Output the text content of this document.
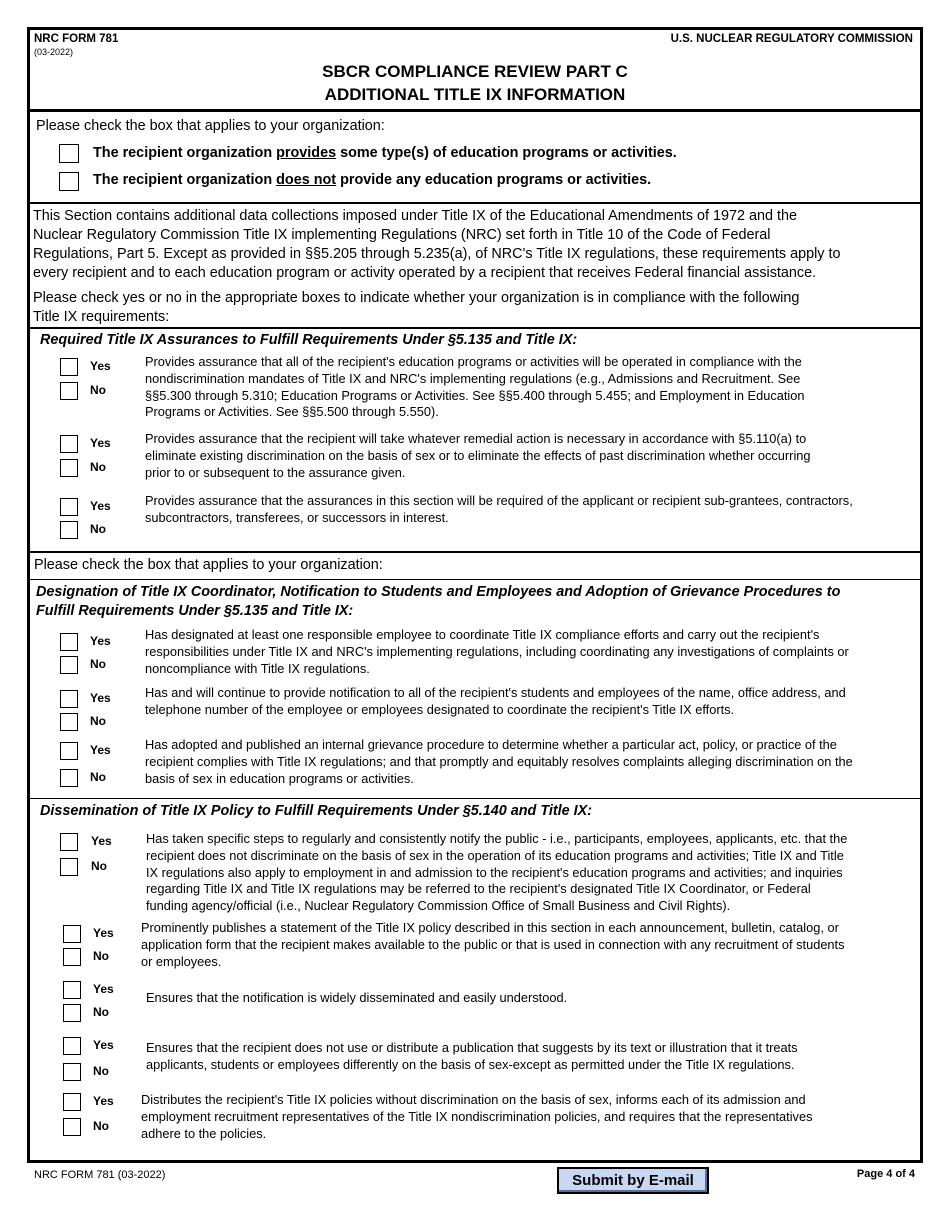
NRC FORM 781
(03-2022)
U.S. NUCLEAR REGULATORY COMMISSION
SBCR COMPLIANCE REVIEW PART C
ADDITIONAL TITLE IX INFORMATION
Please check the box that applies to your organization:
The recipient organization provides some type(s) of education programs or activities.
The recipient organization does not provide any education programs or activities.
This Section contains additional data collections imposed under Title IX of the Educational Amendments of 1972 and the
Nuclear Regulatory Commission Title IX implementing Regulations (NRC) set forth in Title 10 of the Code of Federal
Regulations, Part 5. Except as provided in §§5.205 through 5.235(a), of NRC's Title IX regulations, these requirements apply to
every recipient and to each education program or activity operated by a recipient that receives Federal financial assistance.
Please check yes or no in the appropriate boxes to indicate whether your organization is in compliance with the following
Title IX requirements:
Required Title IX Assurances to Fulfill Requirements Under §5.135 and Title IX:
Yes
No
Provides assurance that all of the recipient's education programs or activities will be operated in compliance with the
nondiscrimination mandates of Title IX and NRC's implementing regulations (e.g., Admissions and Recruitment. See
§§5.300 through 5.310; Education Programs or Activities. See §§5.400 through 5.455; and Employment in Education
Programs or Activities. See §§5.500 through 5.550).
Yes
No
Provides assurance that the recipient will take whatever remedial action is necessary in accordance with §5.110(a) to
eliminate existing discrimination on the basis of sex or to eliminate the effects of past discrimination whether occurring
prior to or subsequent to the assurance given.
Yes
No
Provides assurance that the assurances in this section will be required of the applicant or recipient sub-grantees, contractors,
subcontractors, transferees, or successors in interest.
Please check the box that applies to your organization:
Designation of Title IX Coordinator, Notification to Students and Employees and Adoption of Grievance Procedures to
Fulfill Requirements Under §5.135 and Title IX:
Yes
No
Has designated at least one responsible employee to coordinate Title IX compliance efforts and carry out the recipient's
responsibilities under Title IX and NRC's implementing regulations, including coordinating any investigations of complaints or
noncompliance with Title IX regulations.
Yes
No
Has and will continue to provide notification to all of the recipient's students and employees of the name, office address, and
telephone number of the employee or employees designated to coordinate the recipient's Title IX efforts.
Yes
No
Has adopted and published an internal grievance procedure to determine whether a particular act, policy, or practice of the
recipient complies with Title IX regulations; and that promptly and equitably resolves complaints alleging discrimination on the
basis of sex in education programs or activities.
Dissemination of Title IX Policy to Fulfill Requirements Under §5.140 and Title IX:
Yes
No
Has taken specific steps to regularly and consistently notify the public - i.e., participants, employees, applicants, etc. that the
recipient does not discriminate on the basis of sex in the operation of its education programs and activities; Title IX and Title
IX regulations also apply to employment in and admission to the recipient's education programs and activities; and inquiries
regarding Title IX and Title IX regulations may be referred to the recipient's designated Title IX Coordinator, or Federal
funding agency/official (i.e., Nuclear Regulatory Commission Office of Small Business and Civil Rights).
Yes
No
Prominently publishes a statement of the Title IX policy described in this section in each announcement, bulletin, catalog, or
application form that the recipient makes available to the public or that is used in connection with any recruitment of students
or employees.
Yes
No
Ensures that the notification is widely disseminated and easily understood.
Yes
No
Ensures that the recipient does not use or distribute a publication that suggests by its text or illustration that it treats
applicants, students or employees differently on the basis of sex-except as permitted under the Title IX regulations.
Yes
No
Distributes the recipient's Title IX policies without discrimination on the basis of sex, informs each of its admission and
employment recruitment representatives of the Title IX nondiscrimination policies, and requires that the representatives
adhere to the policies.
NRC FORM 781 (03-2022)	Submit by E-mail	Page 4 of 4
